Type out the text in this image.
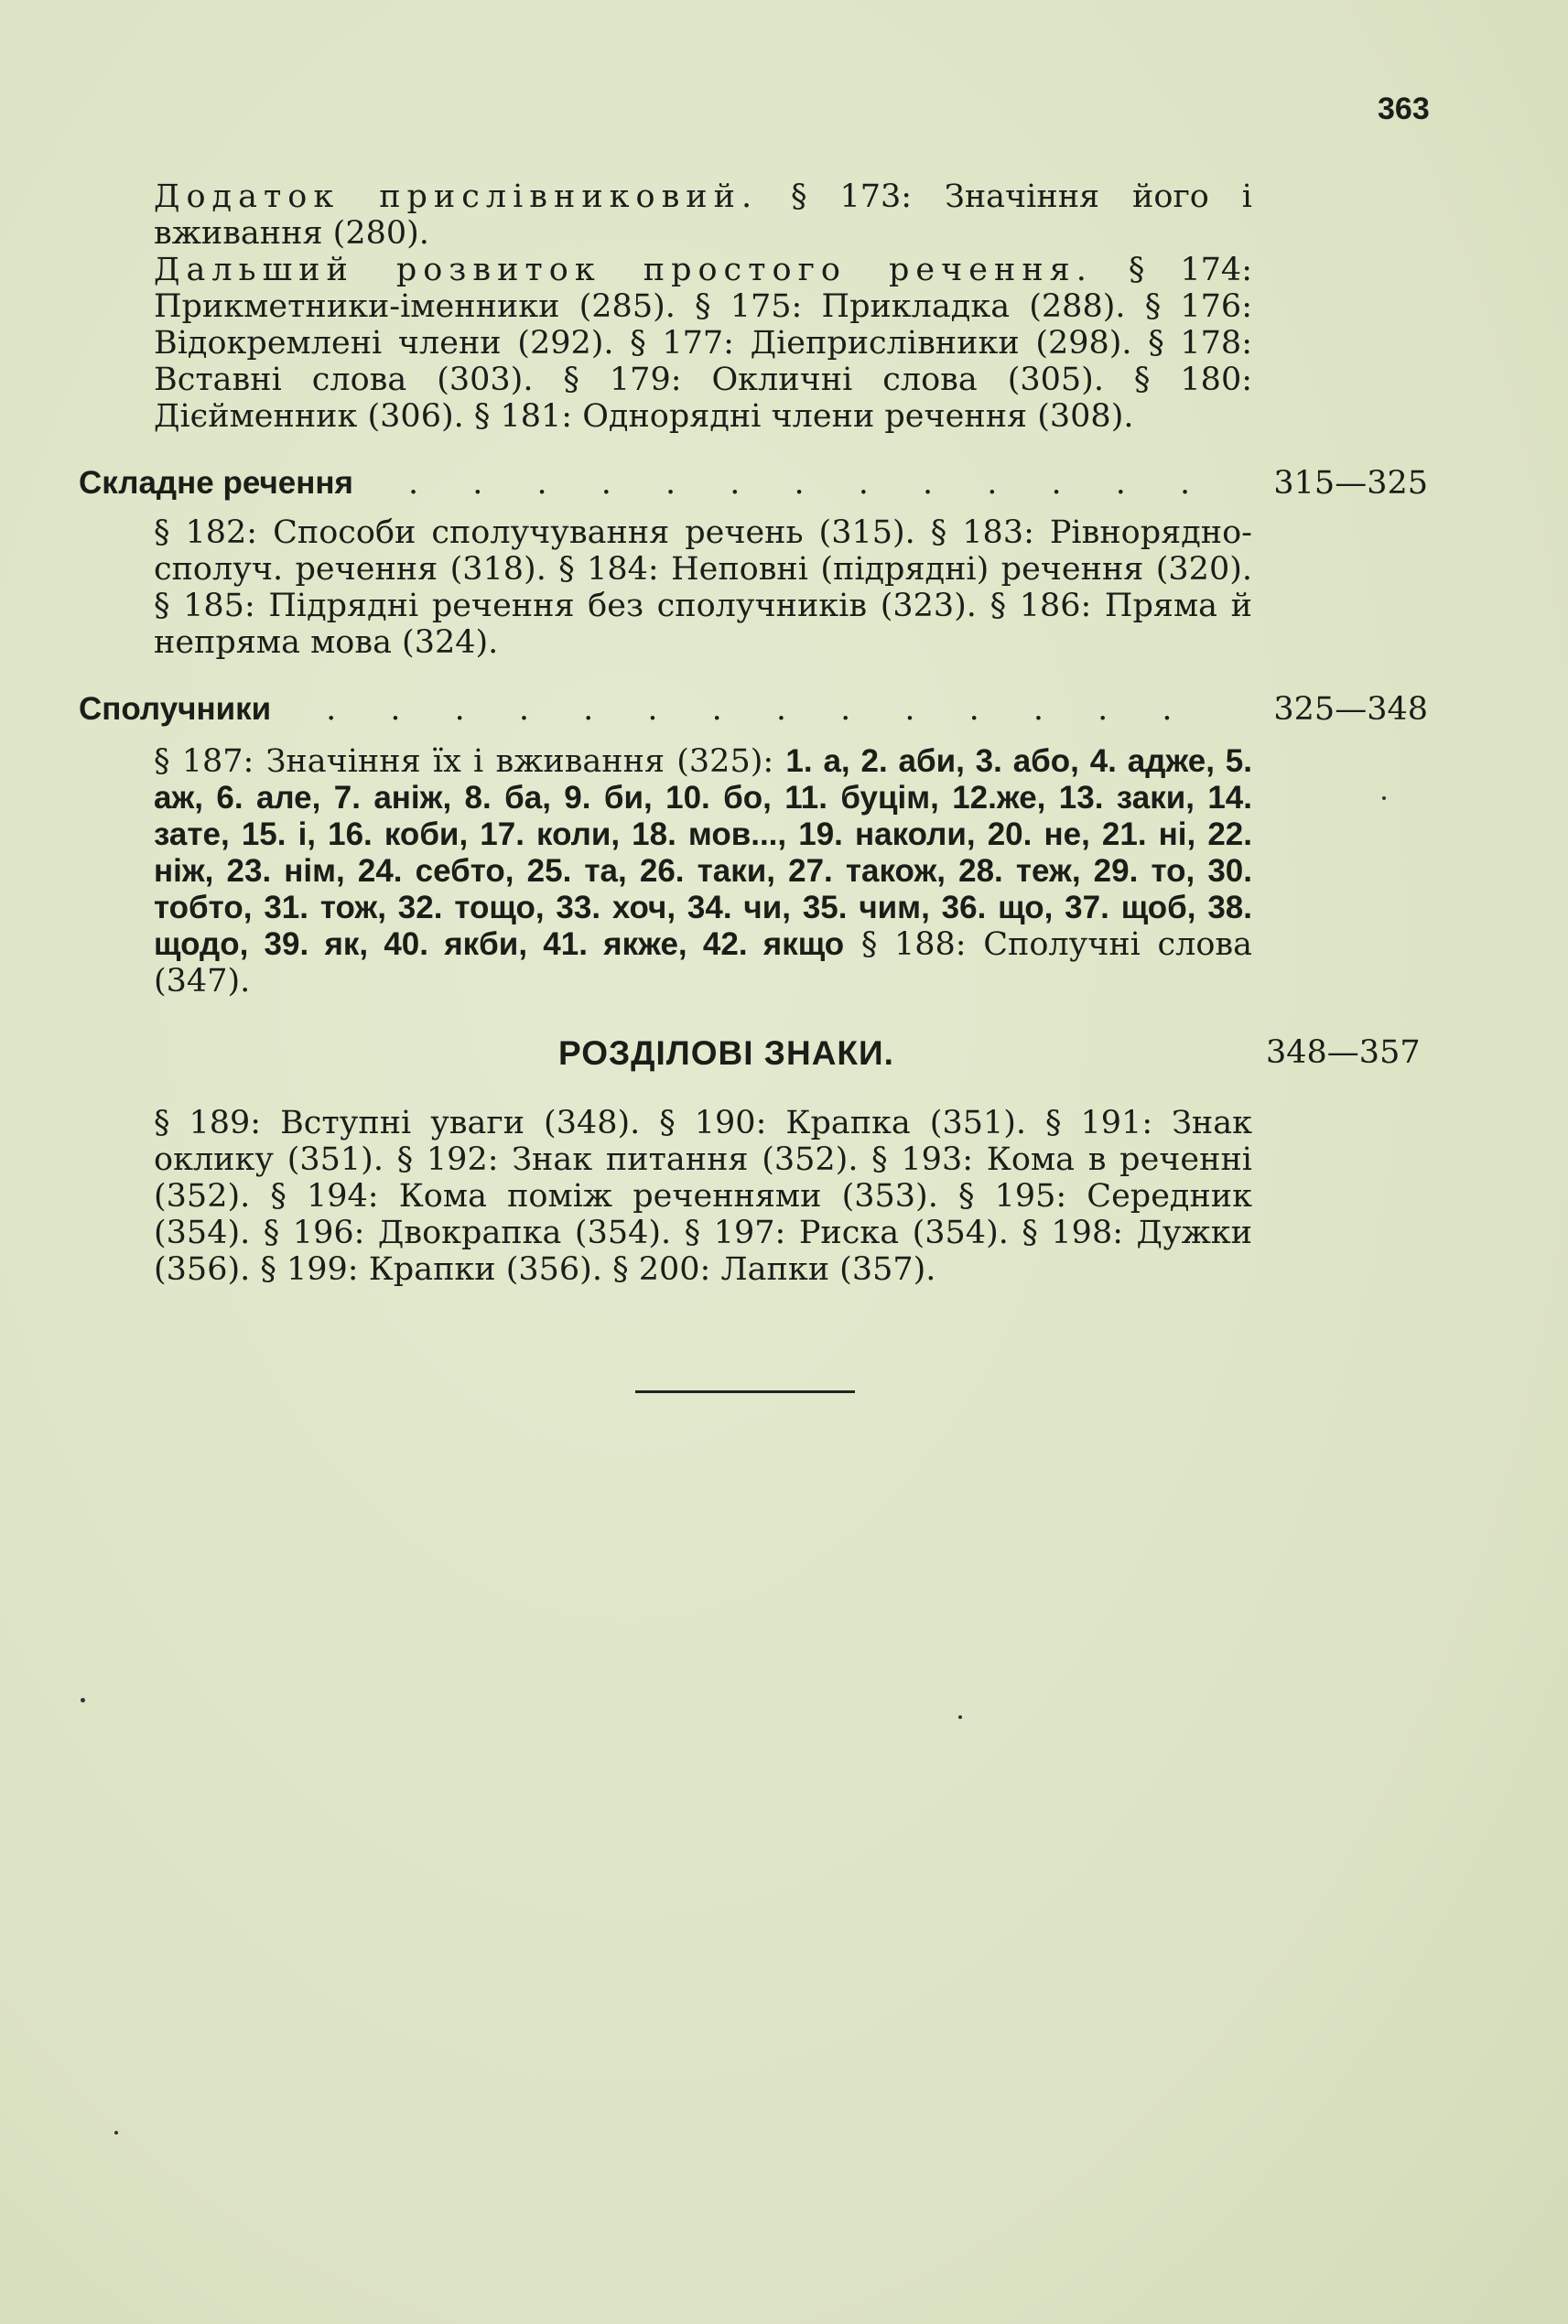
363

Додаток прислівниковий. § 173: Значіння його і вживання (280).

Дальший розвиток простого речення. § 174: Прикметники-іменники (285). § 175: Прикладка (288). § 176: Відокремлені члени (292). § 177: Діеприслівники (298). § 178: Вставні слова (303). § 179: Окличні слова (305). § 180: Дієйменник (306). § 181: Однорядні члени речення (308).

Складне речення	. . . . . . . . . . . . .	315—325

§ 182: Способи сполучування речень (315). § 183: Рівнорядно-сполуч. речення (318). § 184: Неповні (підрядні) речення (320). § 185: Підрядні речення без сполучників (323). § 186: Пряма й непряма мова (324).

Сполучники	. . . . . . . . . . . . . .	325—348

§ 187: Значіння їх і вживання (325): 1. а, 2. аби, 3. або, 4. адже, 5. аж, 6. але, 7. аніж, 8. ба, 9. би, 10. бо, 11. буцім, 12.же, 13. заки, 14. зате, 15. і, 16. коби, 17. коли, 18. мов..., 19. наколи, 20. не, 21. ні, 22. ніж, 23. нім, 24. себто, 25. та, 26. таки, 27. також, 28. теж, 29. то, 30. тобто, 31. тож, 32. тощо, 33. хоч, 34. чи, 35. чим, 36. що, 37. щоб, 38. щодо, 39. як, 40. якби, 41. якже, 42. якщо § 188: Сполучні слова (347).

РОЗДІЛОВІ ЗНАКИ.	348—357

§ 189: Вступні уваги (348). § 190: Крапка (351). § 191: Знак оклику (351). § 192: Знак питання (352). § 193: Кома в реченні (352). § 194: Кома поміж реченнями (353). § 195: Середник (354). § 196: Двокрапка (354). § 197: Риска (354). § 198: Дужки (356). § 199: Крапки (356). § 200: Лапки (357).
